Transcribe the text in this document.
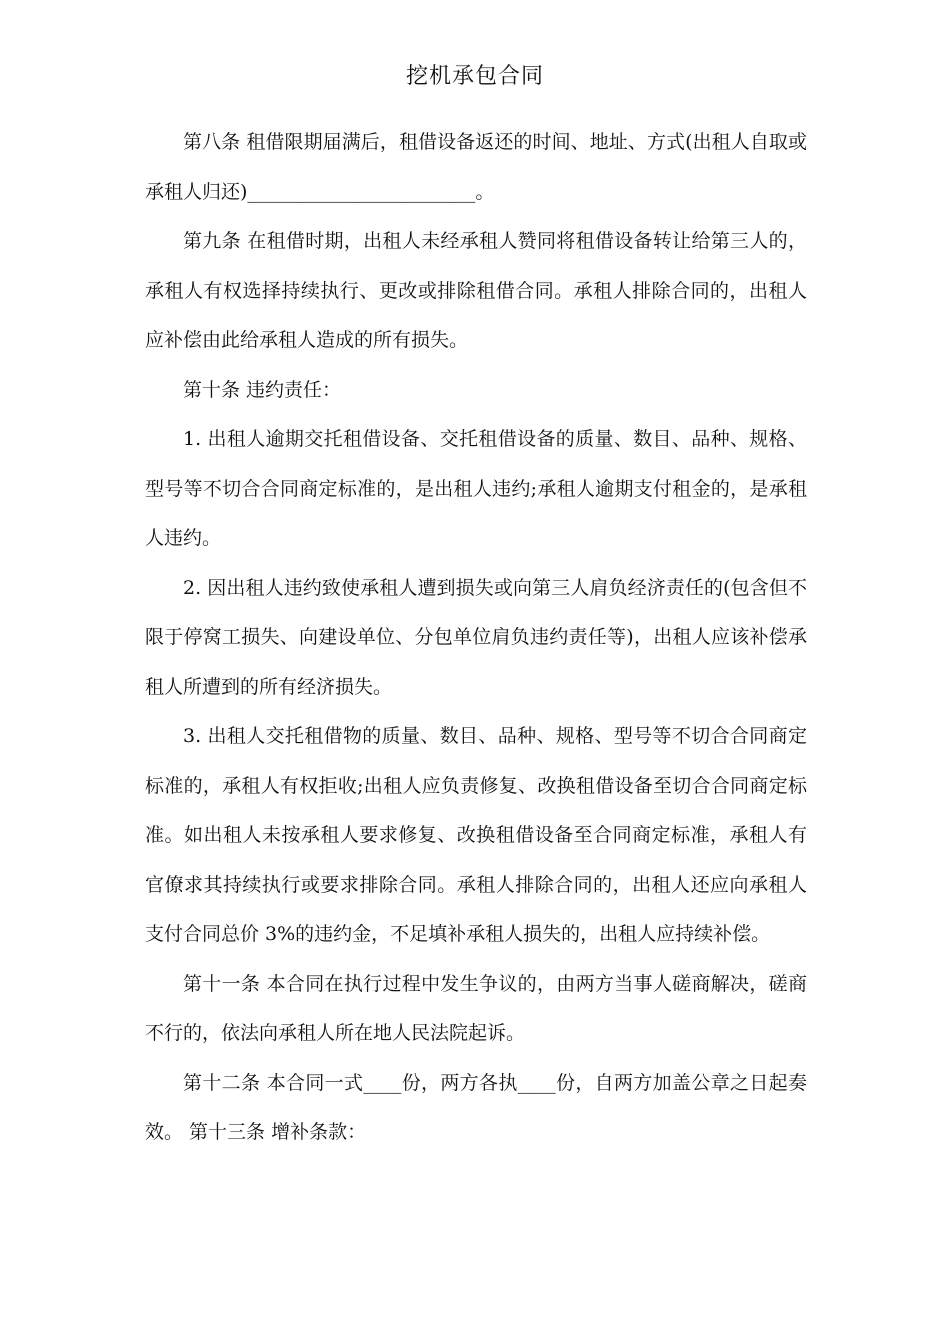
挖机承包合同

第八条 租借限期届满后，租借设备返还的时间、地址、方式(出租人自取或承租人归还)________________________。

第九条 在租借时期，出租人未经承租人赞同将租借设备转让给第三人的，承租人有权选择持续执行、更改或排除租借合同。承租人排除合同的，出租人应补偿由此给承租人造成的所有损失。

第十条 违约责任：

1. 出租人逾期交托租借设备、交托租借设备的质量、数目、品种、规格、型号等不切合合同商定标准的，是出租人违约;承租人逾期支付租金的，是承租人违约。

2. 因出租人违约致使承租人遭到损失或向第三人肩负经济责任的(包含但不限于停窝工损失、向建设单位、分包单位肩负违约责任等)，出租人应该补偿承租人所遭到的所有经济损失。

3. 出租人交托租借物的质量、数目、品种、规格、型号等不切合合同商定标准的，承租人有权拒收;出租人应负责修复、改换租借设备至切合合同商定标准。如出租人未按承租人要求修复、改换租借设备至合同商定标准，承租人有官僚求其持续执行或要求排除合同。承租人排除合同的，出租人还应向承租人支付合同总价 3%的违约金，不足填补承租人损失的，出租人应持续补偿。

第十一条 本合同在执行过程中发生争议的，由两方当事人磋商解决，磋商不行的，依法向承租人所在地人民法院起诉。

第十二条 本合同一式____份，两方各执____份，自两方加盖公章之日起奏效。 第十三条 增补条款：
